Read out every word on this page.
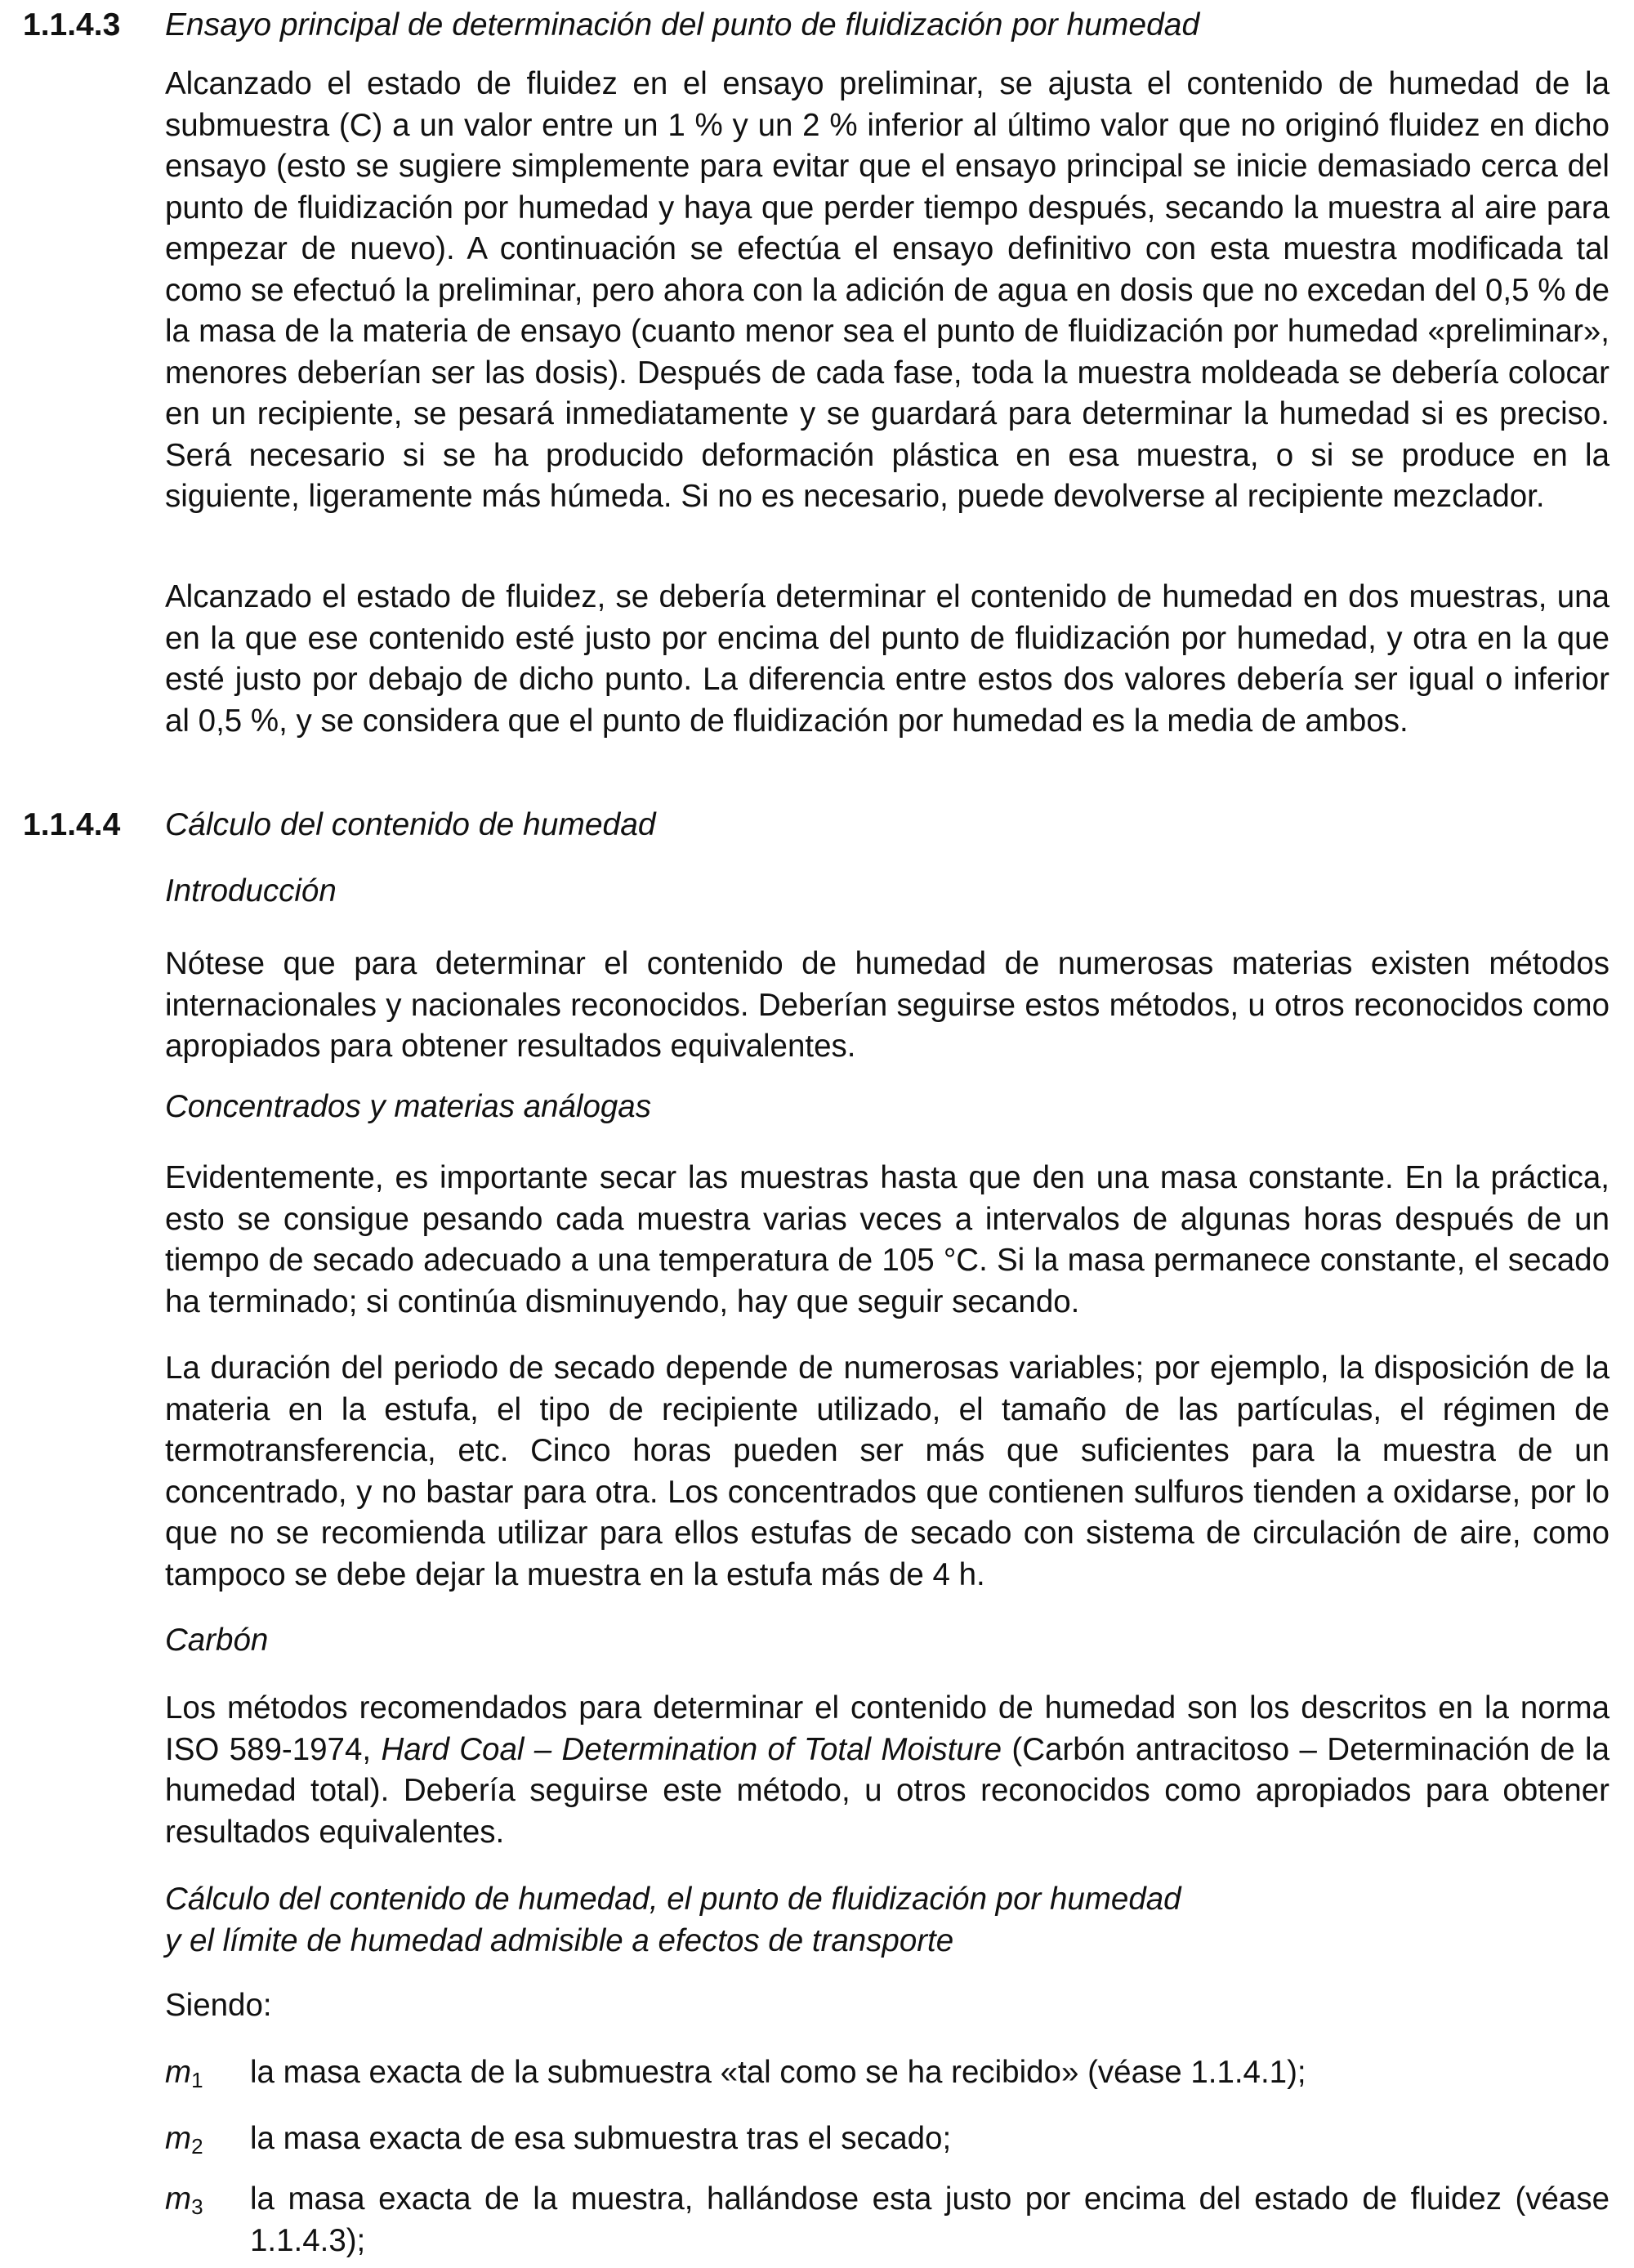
1.1.4.3	Ensayo principal de determinación del punto de fluidización por humedad

Alcanzado el estado de fluidez en el ensayo preliminar, se ajusta el contenido de humedad de la submuestra (C) a un valor entre un 1 % y un 2 % inferior al último valor que no originó fluidez en dicho ensayo (esto se sugiere simplemente para evitar que el ensayo principal se inicie demasiado cerca del punto de fluidización por humedad y haya que perder tiempo después, secando la muestra al aire para empezar de nuevo). A continuación se efectúa el ensayo definitivo con esta muestra modificada tal como se efectuó la preliminar, pero ahora con la adición de agua en dosis que no excedan del 0,5 % de la masa de la materia de ensayo (cuanto menor sea el punto de fluidización por humedad «preliminar», menores deberían ser las dosis). Después de cada fase, toda la muestra moldeada se debería colocar en un recipiente, se pesará inmediatamente y se guardará para determinar la humedad si es preciso. Será necesario si se ha producido deformación plástica en esa muestra, o si se produce en la siguiente, ligeramente más húmeda. Si no es necesario, puede devolverse al recipiente mezclador.

Alcanzado el estado de fluidez, se debería determinar el contenido de humedad en dos muestras, una en la que ese contenido esté justo por encima del punto de fluidización por humedad, y otra en la que esté justo por debajo de dicho punto. La diferencia entre estos dos valores debería ser igual o inferior al 0,5 %, y se considera que el punto de fluidización por humedad es la media de ambos.

1.1.4.4	Cálculo del contenido de humedad

Introducción

Nótese que para determinar el contenido de humedad de numerosas materias existen métodos internacionales y nacionales reconocidos. Deberían seguirse estos métodos, u otros reconocidos como apropiados para obtener resultados equivalentes.

Concentrados y materias análogas

Evidentemente, es importante secar las muestras hasta que den una masa constante. En la práctica, esto se consigue pesando cada muestra varias veces a intervalos de algunas horas después de un tiempo de secado adecuado a una temperatura de 105 °C. Si la masa permanece constante, el secado ha terminado; si continúa disminuyendo, hay que seguir secando.

La duración del periodo de secado depende de numerosas variables; por ejemplo, la disposición de la materia en la estufa, el tipo de recipiente utilizado, el tamaño de las partículas, el régimen de termotransferencia, etc. Cinco horas pueden ser más que suficientes para la muestra de un concentrado, y no bastar para otra. Los concentrados que contienen sulfuros tienden a oxidarse, por lo que no se recomienda utilizar para ellos estufas de secado con sistema de circulación de aire, como tampoco se debe dejar la muestra en la estufa más de 4 h.

Carbón

Los métodos recomendados para determinar el contenido de humedad son los descritos en la norma ISO 589-1974, Hard Coal – Determination of Total Moisture (Carbón antracitoso – Determinación de la humedad total). Debería seguirse este método, u otros reconocidos como apropiados para obtener resultados equivalentes.

Cálculo del contenido de humedad, el punto de fluidización por humedad
y el límite de humedad admisible a efectos de transporte

Siendo:

$m_1$	la masa exacta de la submuestra «tal como se ha recibido» (véase 1.1.4.1);
$m_2$	la masa exacta de esa submuestra tras el secado;
$m_3$	la masa exacta de la muestra, hallándose esta justo por encima del estado de fluidez (véase 1.1.4.3);
